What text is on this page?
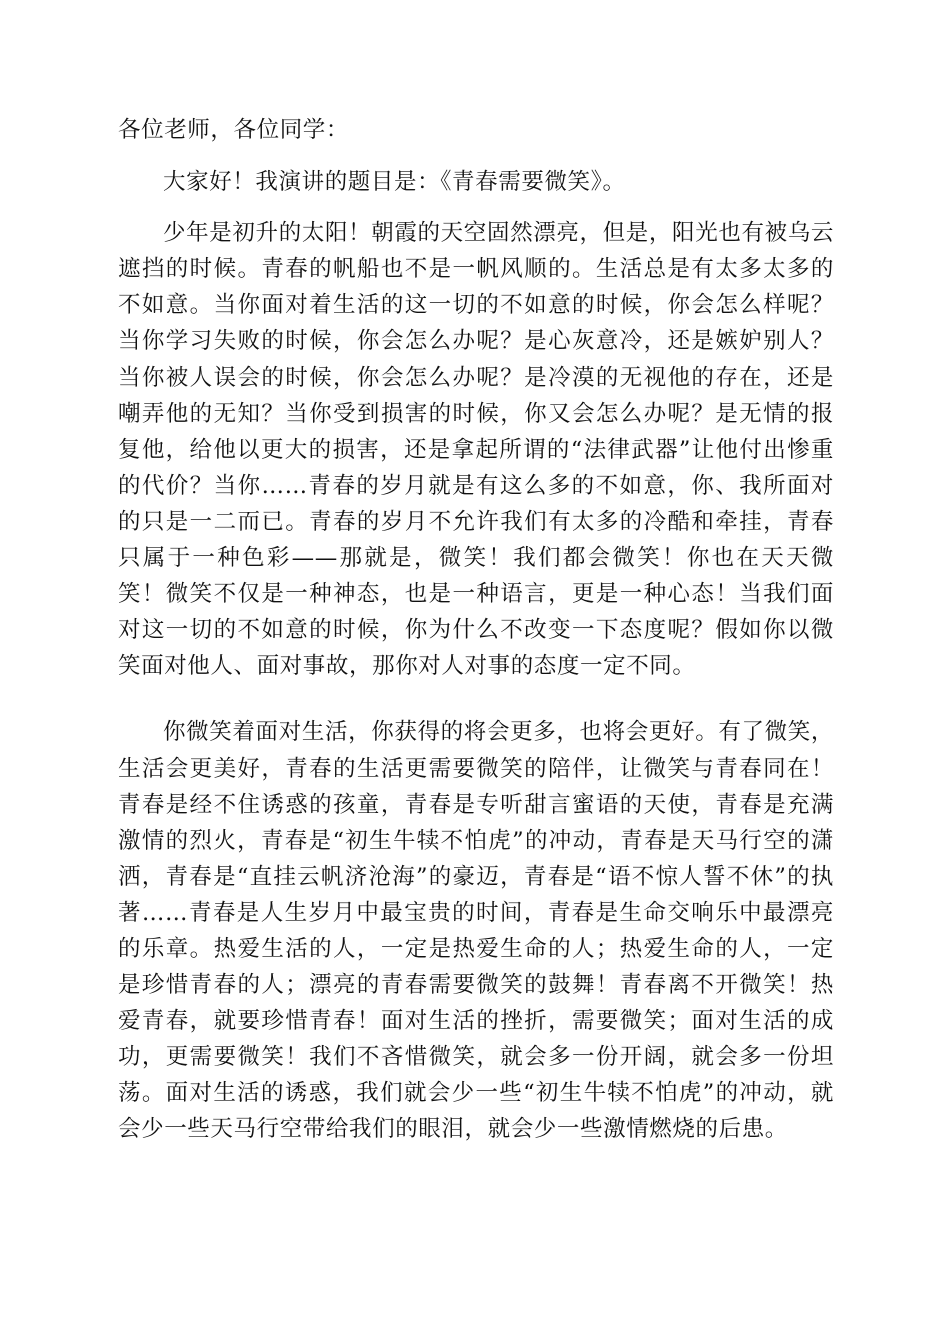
各位老师，各位同学：

大家好！我演讲的题目是：《青春需要微笑》。

少年是初升的太阳！朝霞的天空固然漂亮，但是，阳光也有被乌云遮挡的时候。青春的帆船也不是一帆风顺的。生活总是有太多太多的不如意。当你面对着生活的这一切的不如意的时候，你会怎么样呢？当你学习失败的时候，你会怎么办呢？是心灰意冷，还是嫉妒别人？当你被人误会的时候，你会怎么办呢？是冷漠的无视他的存在，还是嘲弄他的无知？当你受到损害的时候，你又会怎么办呢？是无情的报复他，给他以更大的损害，还是拿起所谓的“法律武器”让他付出惨重的代价？当你……青春的岁月就是有这么多的不如意，你、我所面对的只是一二而已。青春的岁月不允许我们有太多的冷酷和牵挂，青春只属于一种色彩——那就是，微笑！我们都会微笑！你也在天天微笑！微笑不仅是一种神态，也是一种语言，更是一种心态！当我们面对这一切的不如意的时候，你为什么不改变一下态度呢？假如你以微笑面对他人、面对事故，那你对人对事的态度一定不同。

你微笑着面对生活，你获得的将会更多，也将会更好。有了微笑，生活会更美好，青春的生活更需要微笑的陪伴，让微笑与青春同在！青春是经不住诱惑的孩童，青春是专听甜言蜜语的天使，青春是充满激情的烈火，青春是“初生牛犊不怕虎”的冲动，青春是天马行空的潇洒，青春是“直挂云帆济沧海”的豪迈，青春是“语不惊人誓不休”的执著……青春是人生岁月中最宝贵的时间，青春是生命交响乐中最漂亮的乐章。热爱生活的人，一定是热爱生命的人；热爱生命的人，一定是珍惜青春的人；漂亮的青春需要微笑的鼓舞！青春离不开微笑！热爱青春，就要珍惜青春！面对生活的挫折，需要微笑；面对生活的成功，更需要微笑！我们不吝惜微笑，就会多一份开阔，就会多一份坦荡。面对生活的诱惑，我们就会少一些“初生牛犊不怕虎”的冲动，就会少一些天马行空带给我们的眼泪，就会少一些激情燃烧的后患。
